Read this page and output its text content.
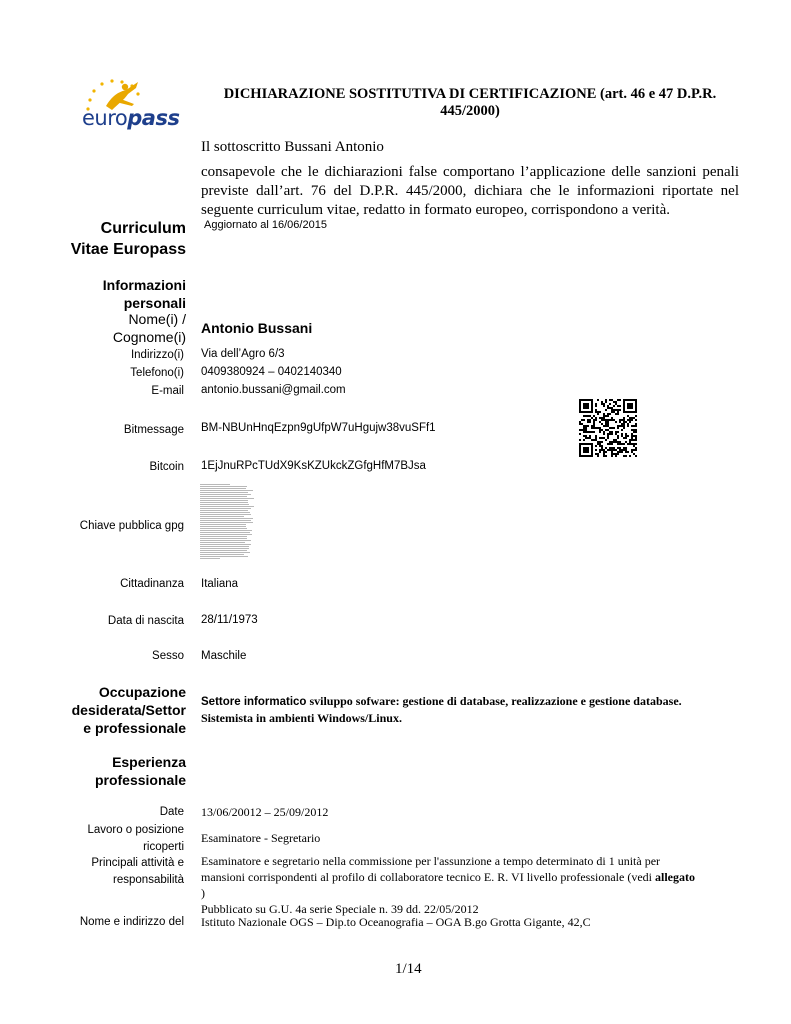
europass
DICHIARAZIONE SOSTITUTIVA DI CERTIFICAZIONE (art. 46 e 47 D.P.R.
445/2000)
Il sottoscritto Bussani Antonio
consapevole che le dichiarazioni false comportano l’applicazione delle sanzioni penali previste dall’art. 76 del D.P.R. 445/2000, dichiara che le informazioni riportate nel seguente curriculum vitae, redatto in formato europeo, corrispondono a verità.
Curriculum
Vitae Europass
Aggiornato al 16/06/2015
Informazioni
personali
Nome(i) /
Cognome(i)
Antonio Bussani
Indirizzo(i) Via dell’Agro 6/3
Telefono(i) 0409380924 – 0402140340
E-mail antonio.bussani@gmail.com
Bitmessage BM-NBUnHnqEzpn9gUfpW7uHgujw38vuSFf1
Bitcoin 1EjJnuRPcTUdX9KsKZUkckZGfgHfM7BJsa
Chiave pubblica gpg
Cittadinanza Italiana
Data di nascita 28/11/1973
Sesso Maschile
Occupazione
desiderata/Settor
e professionale
Settore informatico sviluppo sofware: gestione di database, realizzazione e gestione database.
Sistemista in ambienti Windows/Linux.
Esperienza
professionale
Date 13/06/20012 – 25/09/2012
Lavoro o posizione
ricoperti
Esaminatore - Segretario
Principali attività e
responsabilità
Esaminatore e segretario nella commissione per l'assunzione a tempo determinato di 1 unità per
mansioni corrispondenti al profilo di collaboratore tecnico E. R. VI livello professionale (vedi allegato
)
Pubblicato su G.U. 4a serie Speciale n. 39 dd. 22/05/2012
Nome e indirizzo del Istituto Nazionale OGS – Dip.to Oceanografia – OGA B.go Grotta Gigante, 42,C
1/14
